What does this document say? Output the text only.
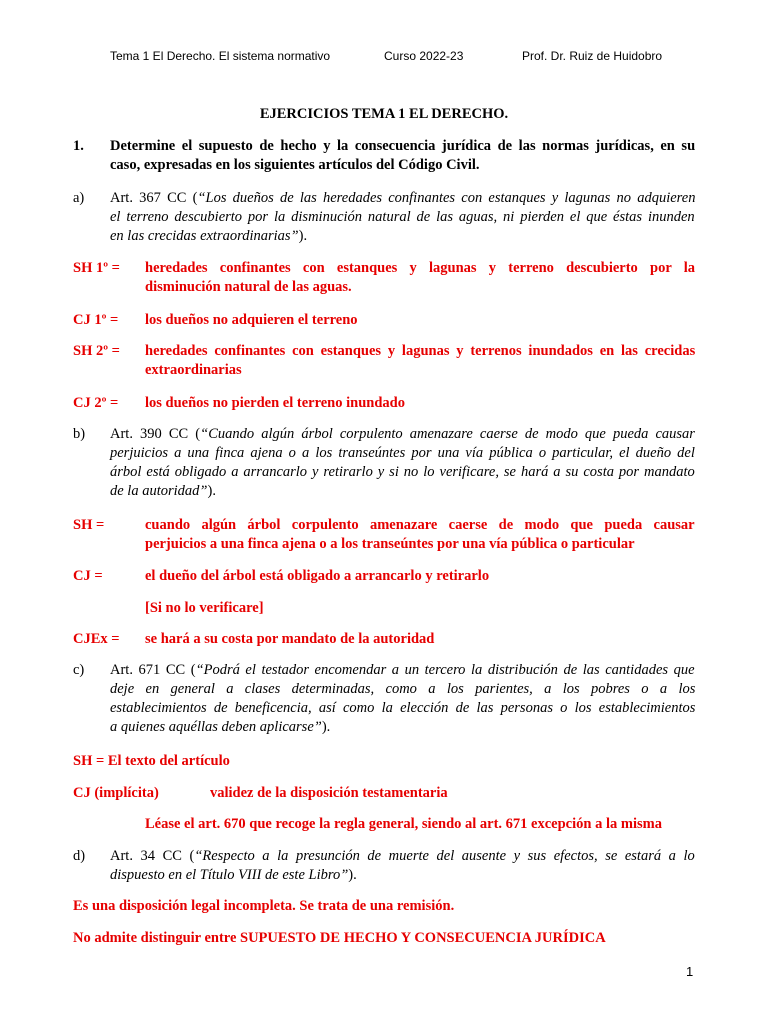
Tema 1 El Derecho. El sistema normativo	Curso 2022-23	Prof. Dr. Ruiz de Huidobro
EJERCICIOS TEMA 1 EL DERECHO.
1. Determine el supuesto de hecho y la consecuencia jurídica de las normas jurídicas, en su
caso, expresadas en los siguientes artículos del Código Civil.
a) Art. 367 CC (“Los dueños de las heredades confinantes con estanques y lagunas no adquieren
el terreno descubierto por la disminución natural de las aguas, ni pierden el que éstas inunden
en las crecidas extraordinarias”).
SH 1º = heredades confinantes con estanques y lagunas y terreno descubierto por la
disminución natural de las aguas.
CJ 1º = los dueños no adquieren el terreno
SH 2º = heredades confinantes con estanques y lagunas y terrenos inundados en las crecidas
extraordinarias
CJ 2º = los dueños no pierden el terreno inundado
b) Art. 390 CC (“Cuando algún árbol corpulento amenazare caerse de modo que pueda causar
perjuicios a una finca ajena o a los transeúntes por una vía pública o particular, el dueño del
árbol está obligado a arrancarlo y retirarlo y si no lo verificare, se hará a su costa por mandato
de la autoridad”).
SH =	cuando algún árbol corpulento amenazare caerse de modo que pueda causar
perjuicios a una finca ajena o a los transeúntes por una vía pública o particular
CJ =	el dueño del árbol está obligado a arrancarlo y retirarlo
[Si no lo verificare]
CJEx = se hará a su costa por mandato de la autoridad
c) Art. 671 CC (“Podrá el testador encomendar a un tercero la distribución de las cantidades que
deje en general a clases determinadas, como a los parientes, a los pobres o a los
establecimientos de beneficencia, así como la elección de las personas o los establecimientos
a quienes aquéllas deben aplicarse”).
SH = El texto del artículo
CJ (implícita)	validez de la disposición testamentaria
Léase el art. 670 que recoge la regla general, siendo al art. 671 excepción a la misma
d) Art. 34 CC (“Respecto a la presunción de muerte del ausente y sus efectos, se estará a lo
dispuesto en el Título VIII de este Libro”).
Es una disposición legal incompleta. Se trata de una remisión.
No admite distinguir entre SUPUESTO DE HECHO Y CONSECUENCIA JURÍDICA
1
